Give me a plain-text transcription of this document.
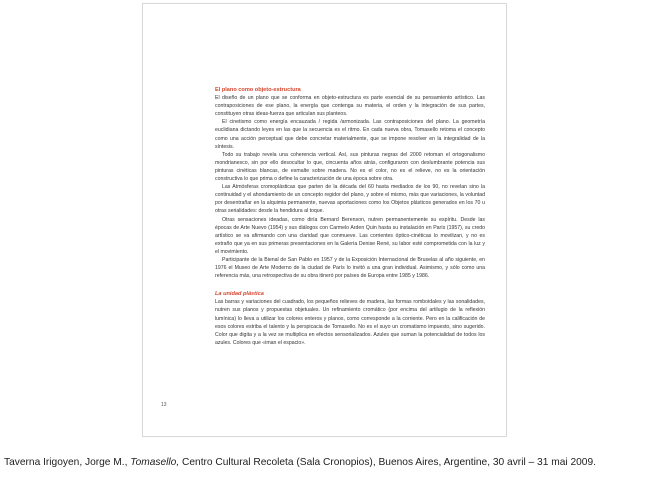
El plano como objeto-estructura

El diseño de un plano que se conforma en objeto-estructura es parte esencial de su pensamiento artístico. Las contraposiciones de ese plano, la energía que contenga su materia, el orden y la integración de sus partes, constituyen otras ideas-fuerza que articulan sus planteos.

El cinetismo como energía encauzada / regida /armonizada. Las contraposiciones del plano. La geometría euclidiana dictando leyes en las que la secuencia es el ritmo. En cada nueva obra, Tomasello retoma el concepto como una acción perceptual que debe concretar materialmente, que se impone resolver en la integralidad de la síntesis.

Todo su trabajo revela una coherencia vertical. Así, sus pinturas negras del 2000 retoman el ortogonalismo mondrianesco, sin por ello desocultar lo que, cincuenta años atrás, configuraron con deslumbrante potencia sus pinturas cinéticas blancas, de esmalte sobre madera. No es el color, no es el relieve, no es la orientación constructiva lo que prima o define la caracterización de una época sobre otra.

Las Atmósferas cromoplásticas que parten de la década del 60 hasta mediados de los 90, no revelan sino la continuidad y el ahondamiento de un concepto regidor del plano, y sobre el mismo, más que variaciones, la voluntad por desentrañar en la alquimia permanente, nuevas aportaciones como los Objetos plásticos generados en los 70 u otras serialidades: desde la hendidura al toque.

Otras sensaciones ideadas, como diría Bernard Berenson, nutren permanentemente su espíritu. Desde las épocas de Arte Nuevo (1954) y sus diálogos con Carmelo Arden Quin hasta su instalación en París (1957), su credo artístico se va afirmando con una claridad que conmueve. Las corrientes óptico-cinéticas lo movilizan, y no es extraño que ya en sus primeras presentaciones en la Galería Denise René, su labor esté comprometida con la luz y el movimiento.

Participante de la Bienal de San Pablo en 1957 y de la Exposición Internacional de Bruselas al año siguiente, en 1976 el Museo de Arte Moderno de la ciudad de París lo invitó a una gran individual. Asimismo, y sólo como una referencia más, una retrospectiva de su obra itineró por países de Europa entre 1985 y 1986.

La unidad plástica

Las barras y variaciones del cuadrado, los pequeños relieves de madera, las formas romboidales y las sonalidades, nutren sus planos y propuestas objetuales. Un refinamiento cromático (por encima del artilugio de la reflexión lumínica) lo lleva a utilizar los colores enteros y planos, como corresponde a la corriente. Pero en la calificación de esos colores estriba el talento y la perspicacia de Tomasello. No es el suyo un cromatismo impuesto, sino sugerido. Color que digita y a la vez se multiplica en efectos sensorializados. Azules que suman la potencialidad de todos los azules. Colores que «iman el espacio».

13
Taverna Irigoyen, Jorge M., Tomasello, Centro Cultural Recoleta (Sala Cronopios), Buenos Aires, Argentine, 30 avril – 31 mai 2009.
